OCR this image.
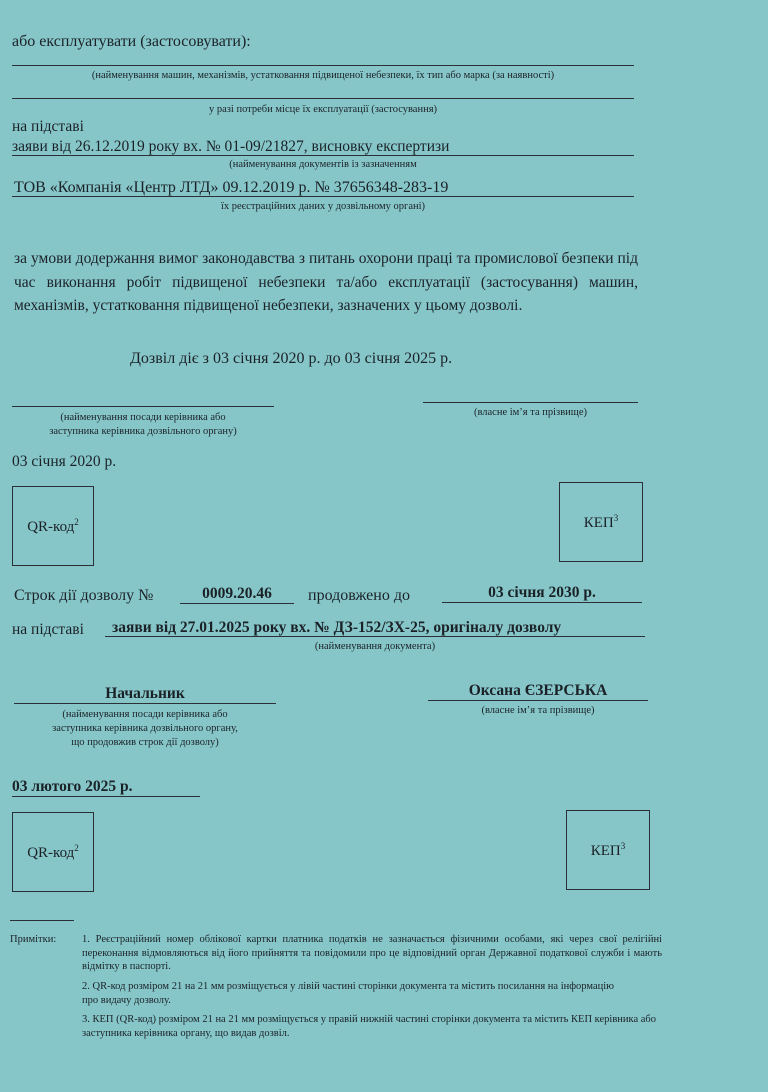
або експлуатувати (застосовувати):
(найменування машин, механізмів, устатковання підвищеної небезпеки, їх тип або марка (за наявності)
у разі потреби місце їх експлуатації (застосування)
на підставі
заяви від 26.12.2019 року вх. № 01-09/21827, висновку експертизи
(найменування документів із зазначенням
ТОВ «Компанія «Центр ЛТД» 09.12.2019 р. № 37656348-283-19
їх реєстраційних даних у дозвільному органі)
за умови додержання вимог законодавства з питань охорони праці та промислової безпеки під час виконання робіт підвищеної небезпеки та/або експлуатації (застосування) машин, механізмів, устатковання підвищеної небезпеки, зазначених у цьому дозволі.
Дозвіл діє з 03 січня 2020 р. до 03 січня 2025 р.
(найменування посади керівника або
заступника керівника дозвільного органу)
(власне ім’я та прізвище)
03 січня 2020 р.
QR-код$^2$	КЕП$^3$
Строк дії дозволу №	0009.20.46	продовжено до	03 січня 2030 р.
на підставі заяви від 27.01.2025 року вх. № ДЗ-152/ЗХ-25, оригіналу дозволу
(найменування документа)
Начальник
(найменування посади керівника або
заступника керівника дозвільного органу,
що продовжив строк дії дозволу)
Оксана ЄЗЕРСЬКА
(власне ім’я та прізвище)
03 лютого 2025 р.
QR-код$^2$	КЕП$^3$
Примітки:	1. Реєстраційний номер облікової картки платника податків не зазначається фізичними особами, які через свої релігійні переконання відмовляються від його прийняття та повідомили про це відповідний орган Державної податкової служби і мають відмітку в паспорті.
2. QR-код розміром 21 на 21 мм розміщується у лівій частині сторінки документа та містить посилання на інформацію про видачу дозволу.
3. КЕП (QR-код) розміром 21 на 21 мм розміщується у правій нижній частині сторінки документа та містить КЕП керівника або заступника керівника органу, що видав дозвіл.
